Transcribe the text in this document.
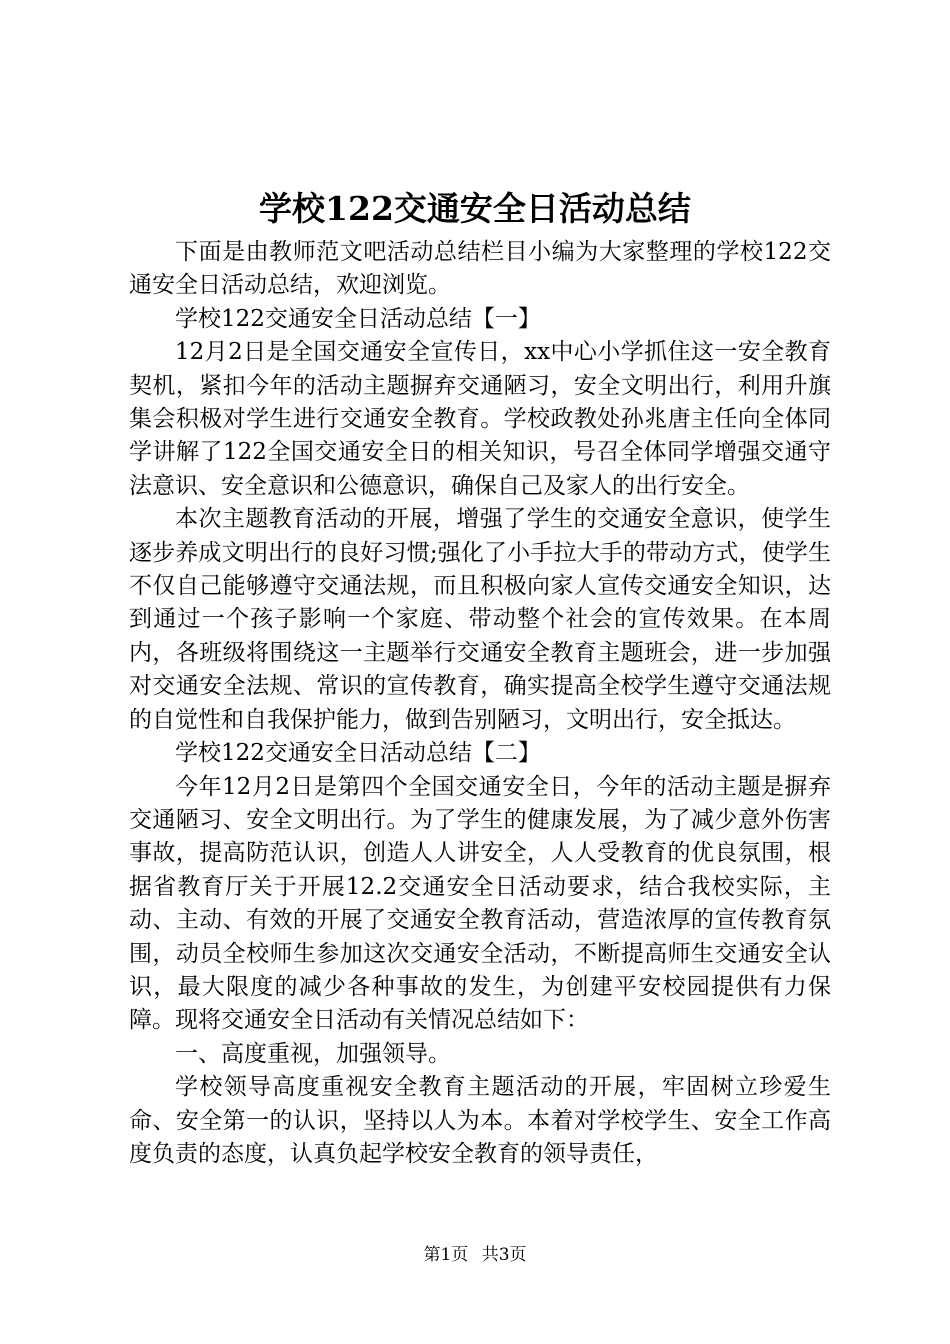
学校122交通安全日活动总结

下面是由教师范文吧活动总结栏目小编为大家整理的学校122交通安全日活动总结，欢迎浏览。

学校122交通安全日活动总结【一】

12月2日是全国交通安全宣传日，xx中心小学抓住这一安全教育契机，紧扣今年的活动主题摒弃交通陋习，安全文明出行，利用升旗集会积极对学生进行交通安全教育。学校政教处孙兆唐主任向全体同学讲解了122全国交通安全日的相关知识，号召全体同学增强交通守法意识、安全意识和公德意识，确保自己及家人的出行安全。

本次主题教育活动的开展，增强了学生的交通安全意识，使学生逐步养成文明出行的良好习惯;强化了小手拉大手的带动方式，使学生不仅自己能够遵守交通法规，而且积极向家人宣传交通安全知识，达到通过一个孩子影响一个家庭、带动整个社会的宣传效果。在本周内，各班级将围绕这一主题举行交通安全教育主题班会，进一步加强对交通安全法规、常识的宣传教育，确实提高全校学生遵守交通法规的自觉性和自我保护能力，做到告别陋习，文明出行，安全抵达。

学校122交通安全日活动总结【二】

今年12月2日是第四个全国交通安全日，今年的活动主题是摒弃交通陋习、安全文明出行。为了学生的健康发展，为了减少意外伤害事故，提高防范认识，创造人人讲安全，人人受教育的优良氛围，根据省教育厅关于开展12.2交通安全日活动要求，结合我校实际，主动、主动、有效的开展了交通安全教育活动，营造浓厚的宣传教育氛围，动员全校师生参加这次交通安全活动，不断提高师生交通安全认识，最大限度的减少各种事故的发生，为创建平安校园提供有力保障。现将交通安全日活动有关情况总结如下：

一、高度重视，加强领导。

学校领导高度重视安全教育主题活动的开展，牢固树立珍爱生命、安全第一的认识，坚持以人为本。本着对学校学生、安全工作高度负责的态度，认真负起学校安全教育的领导责任，

第1页 共3页
